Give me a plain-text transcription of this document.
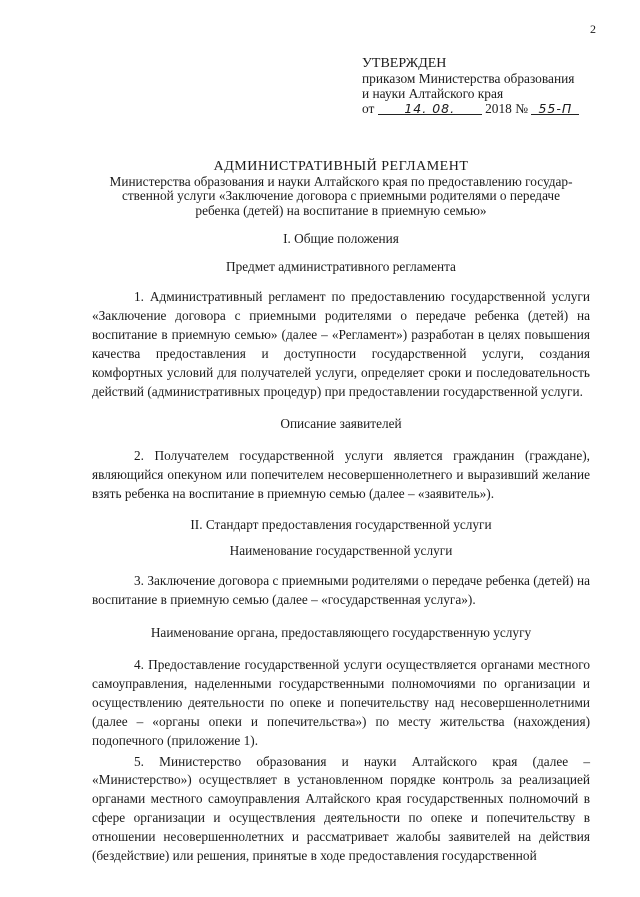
2
УТВЕРЖДЕН
приказом Министерства образования
и науки Алтайского края
от 14. 08. 2018 № 55-П
АДМИНИСТРАТИВНЫЙ РЕГЛАМЕНТ
Министерства образования и науки Алтайского края по предоставлению государ-
ственной услуги «Заключение договора с приемными родителями о передаче
ребенка (детей) на воспитание в приемную семью»
I. Общие положения
Предмет административного регламента

1. Административный регламент по предоставлению государственной услуги «Заключение договора с приемными родителями о передаче ребенка (детей) на воспитание в приемную семью» (далее – «Регламент») разработан в целях повышения качества предоставления и доступности государственной услуги, создания комфортных условий для получателей услуги, определяет сроки и последовательность действий (административных процедур) при предоставлении государственной услуги.

Описание заявителей

2. Получателем государственной услуги является гражданин (граждане), являющийся опекуном или попечителем несовершеннолетнего и выразивший желание взять ребенка на воспитание в приемную семью (далее – «заявитель»).

II. Стандарт предоставления государственной услуги
Наименование государственной услуги

3. Заключение договора с приемными родителями о передаче ребенка (детей) на воспитание в приемную семью (далее – «государственная услуга»).

Наименование органа, предоставляющего государственную услугу

4. Предоставление государственной услуги осуществляется органами местного самоуправления, наделенными государственными полномочиями по организации и осуществлению деятельности по опеке и попечительству над несовершеннолетними (далее – «органы опеки и попечительства») по месту жительства (нахождения) подопечного (приложение 1).

5. Министерство образования и науки Алтайского края (далее – «Министерство») осуществляет в установленном порядке контроль за реализацией органами местного самоуправления Алтайского края государственных полномочий в сфере организации и осуществления деятельности по опеке и попечительству в отношении несовершеннолетних и рассматривает жалобы заявителей на действия (бездействие) или решения, принятые в ходе предоставления государственной
